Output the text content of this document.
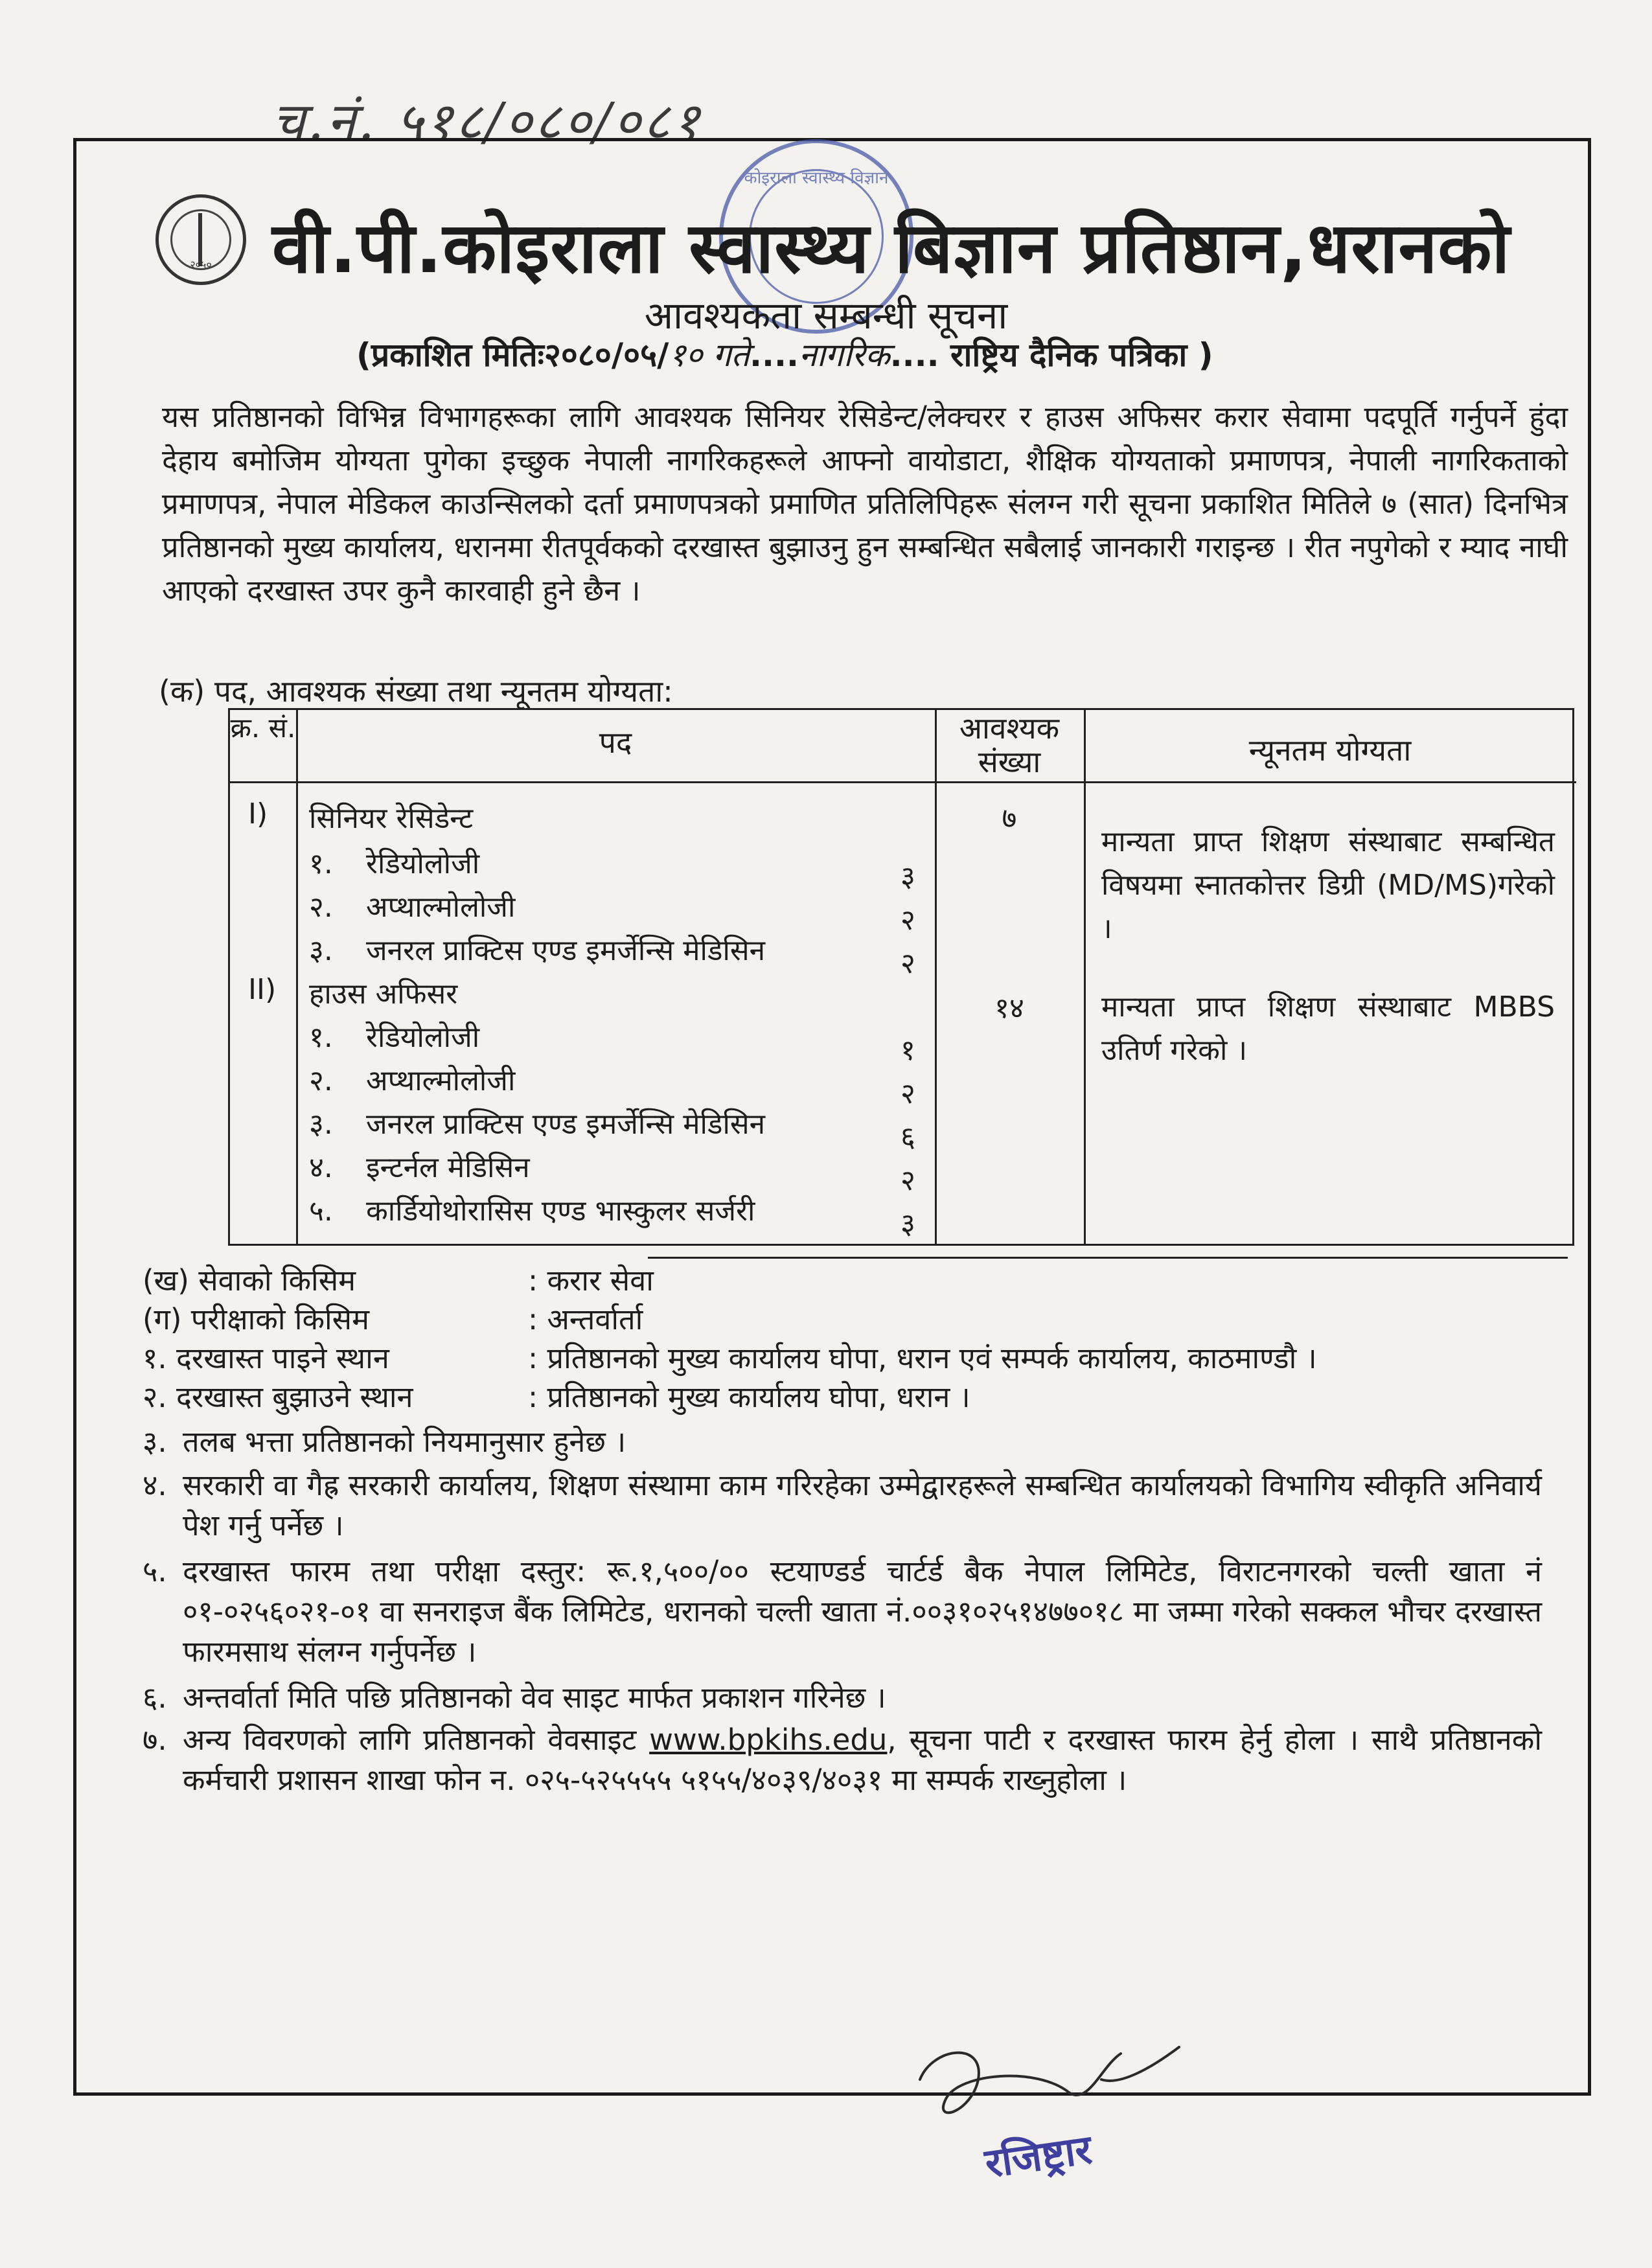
च.नं. ५१८/०८०/०८१
२०५०
कोइराला स्वास्थ्य विज्ञान
वी.पी.कोइराला स्वास्थ्य बिज्ञान प्रतिष्ठान,धरानको
आवश्यकता सम्बन्धी सूचना
(प्रकाशित मितिः२०८०/०५/१० गते....नागरिक.... राष्ट्रिय दैनिक पत्रिका )
यस प्रतिष्ठानको विभिन्न विभागहरूका लागि आवश्यक सिनियर रेसिडेन्ट/लेक्चरर र हाउस अफिसर करार सेवामा पदपूर्ति गर्नुपर्ने हुंदा देहाय बमोजिम योग्यता पुगेका इच्छुक नेपाली नागरिकहरूले आफ्नो वायोडाटा, शैक्षिक योग्यताको प्रमाणपत्र, नेपाली नागरिकताको प्रमाणपत्र, नेपाल मेडिकल काउन्सिलको दर्ता प्रमाणपत्रको प्रमाणित प्रतिलिपिहरू संलग्न गरी सूचना प्रकाशित मितिले ७ (सात) दिनभित्र प्रतिष्ठानको मुख्य कार्यालय, धरानमा रीतपूर्वकको दरखास्त बुझाउनु हुन सम्बन्धित सबैलाई जानकारी गराइन्छ । रीत नपुगेको र म्याद नाघी आएको दरखास्त उपर कुनै कारवाही हुने छैन ।
(क) पद, आवश्यक संख्या तथा न्यूनतम योग्यता:
क्र. सं.	पद	आवश्यक संख्या	न्यूनतम योग्यता
I) सिनियर रेसिडेन्ट	७
मान्यता प्राप्त शिक्षण संस्थाबाट सम्बन्धित विषयमा स्नातकोत्तर डिग्री (MD/MS)गरेको ।
१. रेडियोलोजी	३
२. अप्थाल्मोलोजी	२
३. जनरल प्राक्टिस एण्ड इमर्जेन्सि मेडिसिन	२
II) हाउस अफिसर	१४	मान्यता प्राप्त शिक्षण संस्थाबाट MBBS उतिर्ण गरेको ।
१. रेडियोलोजी	१
२. अप्थाल्मोलोजी	२
३. जनरल प्राक्टिस एण्ड इमर्जेन्सि मेडिसिन	६
४. इन्टर्नल मेडिसिन	२
५. कार्डियोथोरासिस एण्ड भास्कुलर सर्जरी	३
(ख) सेवाको किसिम	: करार सेवा
(ग) परीक्षाको किसिम	: अन्तर्वार्ता
१. दरखास्त पाइने स्थान	: प्रतिष्ठानको मुख्य कार्यालय घोपा, धरान एवं सम्पर्क कार्यालय, काठमाण्डौ ।
२. दरखास्त बुझाउने स्थान	: प्रतिष्ठानको मुख्य कार्यालय घोपा, धरान ।
३. तलब भत्ता प्रतिष्ठानको नियमानुसार हुनेछ ।
४. सरकारी वा गैह्र सरकारी कार्यालय, शिक्षण संस्थामा काम गरिरहेका उम्मेद्वारहरूले सम्बन्धित कार्यालयको विभागिय स्वीकृति अनिवार्य पेश गर्नु पर्नेछ ।
५. दरखास्त फारम तथा परीक्षा दस्तुर: रू.१,५००/०० स्टयाण्डर्ड चार्टर्ड बैक नेपाल लिमिटेड, विराटनगरको चल्ती खाता नं ०१-०२५६०२१-०१ वा सनराइज बैंक लिमिटेड, धरानको चल्ती खाता नं.००३१०२५१४७७०१८ मा जम्मा गरेको सक्कल भौचर दरखास्त फारमसाथ संलग्न गर्नुपर्नेछ ।
६. अन्तर्वार्ता मिति पछि प्रतिष्ठानको वेव साइट मार्फत प्रकाशन गरिनेछ ।
७. अन्य विवरणको लागि प्रतिष्ठानको वेवसाइट www.bpkihs.edu, सूचना पाटी र दरखास्त फारम हेर्नु होला । साथै प्रतिष्ठानको कर्मचारी प्रशासन शाखा फोन न. ०२५-५२५५५५ ५१५५/४०३९/४०३१ मा सम्पर्क राख्नुहोला ।
रजिष्ट्रार
